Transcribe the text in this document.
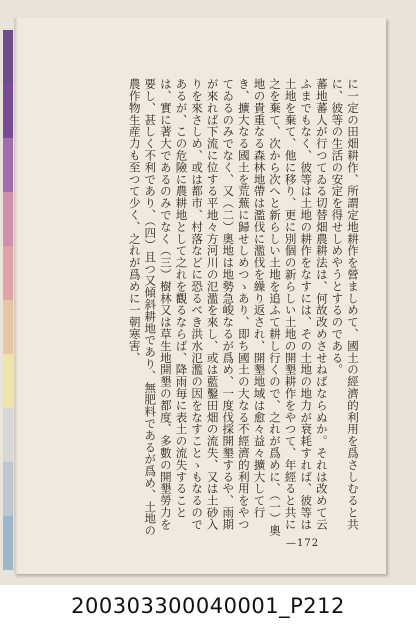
に一定の田畑耕作、所謂定地耕作を營ましめて、國土の經濟的利用を爲さしむると共に、彼等の生活の安定を得せしめやうとするのである。

蕃地蕃人が行つてゐる切替畑農耕法は、何故改めさせねばならぬか。それは改めて云ふまでもなく、彼等は土地の耕作をなすには、その土地の地力が衰耗すれば、彼等は土地を棄て、他に移り、更に別個の新らしい土地の開墾耕作をやつて、年經ると共に之を棄て、次から次へと新らしい土地を追ふて耕し行くので、之れが爲めに、（一）奧地の貴重なる森林地帶は濫伐に濫伐を繰り返され、開墾地域は愈々益々擴大して行き、擴大なる國土を荒蕪に歸せしめつゝあり、即ち國土の大なる不經濟的利用をやつてゐるのみでなく、又（二）奧地は地勢急峻なるが爲め、一度伐採開墾するや、雨期が來れば下流に位する平地々方河川の氾濫を來し、或は藍鑿田畑の流失、又は土砂入りを來さしめ、或は都市、村落などに恐るべき洪水氾濫の因をなすことゝもなるのであるが、この危險に農耕地として之れを觀るならば、降雨毎に表土の流失することは、實に著大であるのみでなく（三）樹林又は草生地開墾の都度、多數の開墾勞力を要し、甚しく不利であり、（四）且つ又傾斜耕地であり、無肥料であるが爲め、土地の農作物生産力も至つて少く、之れが爲めに一朝寒害、

—172
200303300040001_P212
